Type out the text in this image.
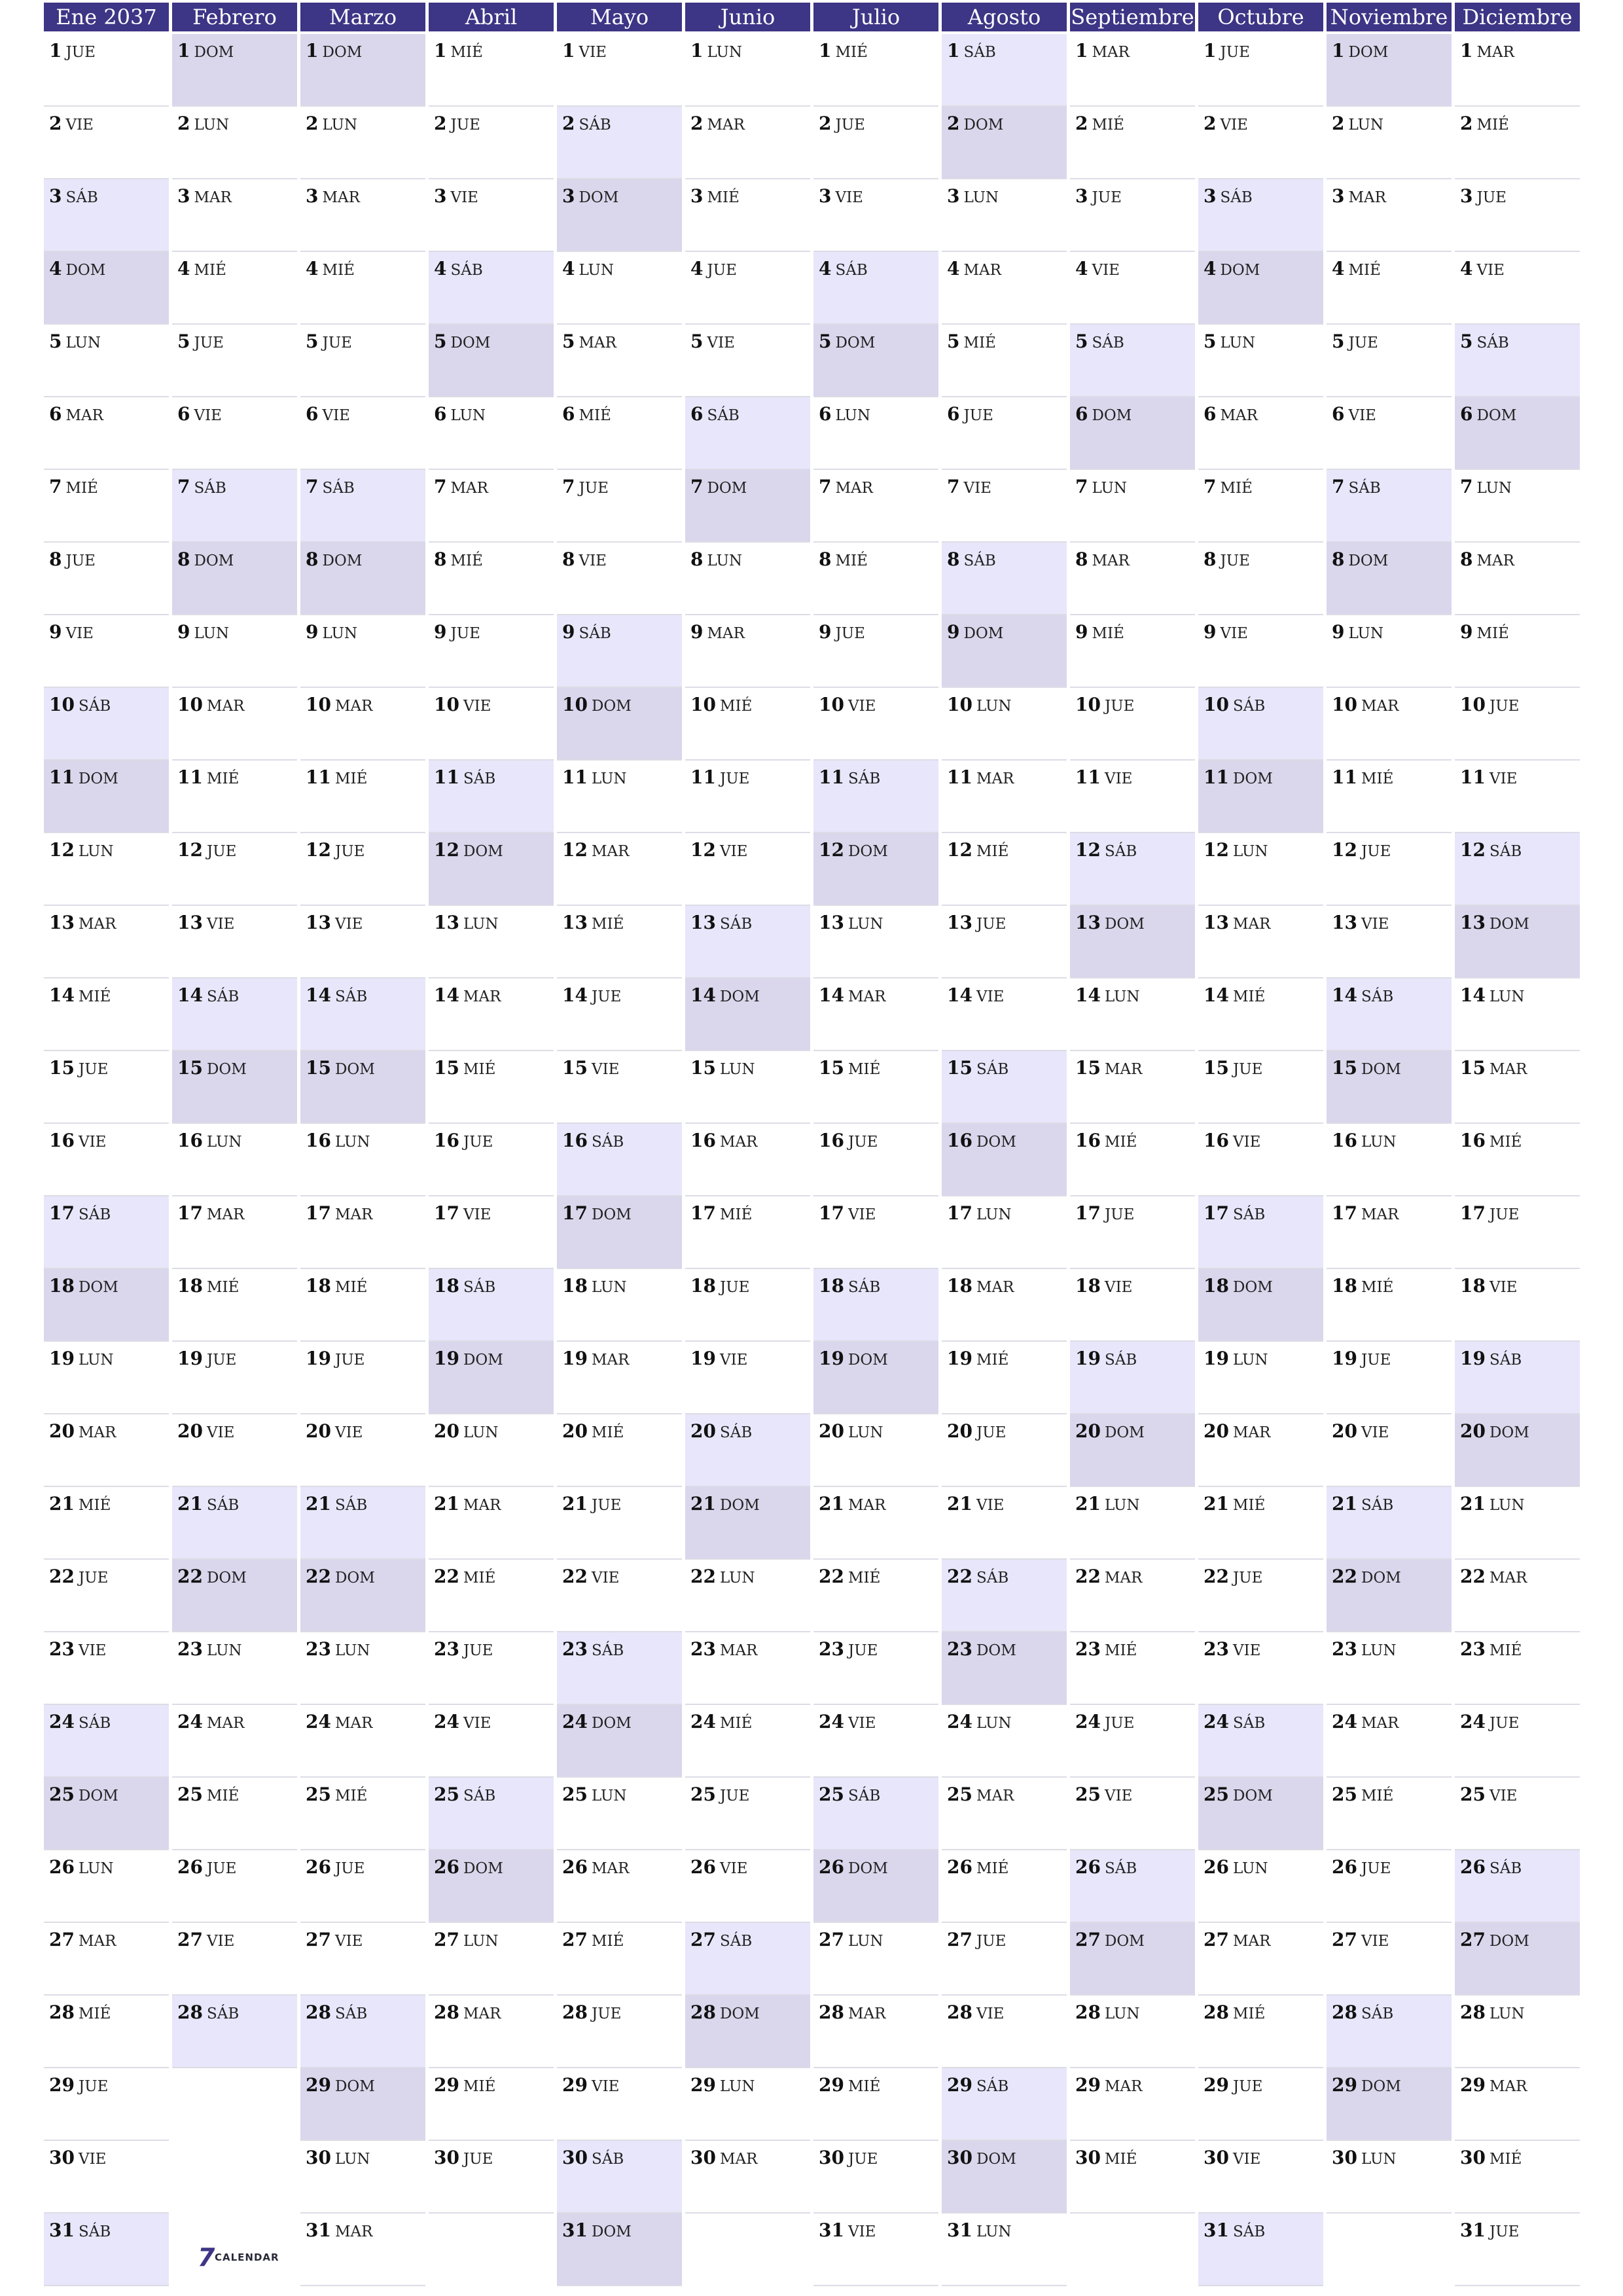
Ene 2037
1 JUE
2 VIE
3 SÁB
4 DOM
5 LUN
6 MAR
7 MIÉ
8 JUE
9 VIE
10 SÁB
11 DOM
12 LUN
13 MAR
14 MIÉ
15 JUE
16 VIE
17 SÁB
18 DOM
19 LUN
20 MAR
21 MIÉ
22 JUE
23 VIE
24 SÁB
25 DOM
26 LUN
27 MAR
28 MIÉ
29 JUE
30 VIE
31 SÁB
Febrero
1 DOM
2 LUN
3 MAR
4 MIÉ
5 JUE
6 VIE
7 SÁB
8 DOM
9 LUN
10 MAR
11 MIÉ
12 JUE
13 VIE
14 SÁB
15 DOM
16 LUN
17 MAR
18 MIÉ
19 JUE
20 VIE
21 SÁB
22 DOM
23 LUN
24 MAR
25 MIÉ
26 JUE
27 VIE
28 SÁB
Marzo
1 DOM
2 LUN
3 MAR
4 MIÉ
5 JUE
6 VIE
7 SÁB
8 DOM
9 LUN
10 MAR
11 MIÉ
12 JUE
13 VIE
14 SÁB
15 DOM
16 LUN
17 MAR
18 MIÉ
19 JUE
20 VIE
21 SÁB
22 DOM
23 LUN
24 MAR
25 MIÉ
26 JUE
27 VIE
28 SÁB
29 DOM
30 LUN
31 MAR
Abril
1 MIÉ
2 JUE
3 VIE
4 SÁB
5 DOM
6 LUN
7 MAR
8 MIÉ
9 JUE
10 VIE
11 SÁB
12 DOM
13 LUN
14 MAR
15 MIÉ
16 JUE
17 VIE
18 SÁB
19 DOM
20 LUN
21 MAR
22 MIÉ
23 JUE
24 VIE
25 SÁB
26 DOM
27 LUN
28 MAR
29 MIÉ
30 JUE
Mayo
1 VIE
2 SÁB
3 DOM
4 LUN
5 MAR
6 MIÉ
7 JUE
8 VIE
9 SÁB
10 DOM
11 LUN
12 MAR
13 MIÉ
14 JUE
15 VIE
16 SÁB
17 DOM
18 LUN
19 MAR
20 MIÉ
21 JUE
22 VIE
23 SÁB
24 DOM
25 LUN
26 MAR
27 MIÉ
28 JUE
29 VIE
30 SÁB
31 DOM
Junio
1 LUN
2 MAR
3 MIÉ
4 JUE
5 VIE
6 SÁB
7 DOM
8 LUN
9 MAR
10 MIÉ
11 JUE
12 VIE
13 SÁB
14 DOM
15 LUN
16 MAR
17 MIÉ
18 JUE
19 VIE
20 SÁB
21 DOM
22 LUN
23 MAR
24 MIÉ
25 JUE
26 VIE
27 SÁB
28 DOM
29 LUN
30 MAR
Julio
1 MIÉ
2 JUE
3 VIE
4 SÁB
5 DOM
6 LUN
7 MAR
8 MIÉ
9 JUE
10 VIE
11 SÁB
12 DOM
13 LUN
14 MAR
15 MIÉ
16 JUE
17 VIE
18 SÁB
19 DOM
20 LUN
21 MAR
22 MIÉ
23 JUE
24 VIE
25 SÁB
26 DOM
27 LUN
28 MAR
29 MIÉ
30 JUE
31 VIE
Agosto
1 SÁB
2 DOM
3 LUN
4 MAR
5 MIÉ
6 JUE
7 VIE
8 SÁB
9 DOM
10 LUN
11 MAR
12 MIÉ
13 JUE
14 VIE
15 SÁB
16 DOM
17 LUN
18 MAR
19 MIÉ
20 JUE
21 VIE
22 SÁB
23 DOM
24 LUN
25 MAR
26 MIÉ
27 JUE
28 VIE
29 SÁB
30 DOM
31 LUN
Septiembre
1 MAR
2 MIÉ
3 JUE
4 VIE
5 SÁB
6 DOM
7 LUN
8 MAR
9 MIÉ
10 JUE
11 VIE
12 SÁB
13 DOM
14 LUN
15 MAR
16 MIÉ
17 JUE
18 VIE
19 SÁB
20 DOM
21 LUN
22 MAR
23 MIÉ
24 JUE
25 VIE
26 SÁB
27 DOM
28 LUN
29 MAR
30 MIÉ
Octubre
1 JUE
2 VIE
3 SÁB
4 DOM
5 LUN
6 MAR
7 MIÉ
8 JUE
9 VIE
10 SÁB
11 DOM
12 LUN
13 MAR
14 MIÉ
15 JUE
16 VIE
17 SÁB
18 DOM
19 LUN
20 MAR
21 MIÉ
22 JUE
23 VIE
24 SÁB
25 DOM
26 LUN
27 MAR
28 MIÉ
29 JUE
30 VIE
31 SÁB
Noviembre
1 DOM
2 LUN
3 MAR
4 MIÉ
5 JUE
6 VIE
7 SÁB
8 DOM
9 LUN
10 MAR
11 MIÉ
12 JUE
13 VIE
14 SÁB
15 DOM
16 LUN
17 MAR
18 MIÉ
19 JUE
20 VIE
21 SÁB
22 DOM
23 LUN
24 MAR
25 MIÉ
26 JUE
27 VIE
28 SÁB
29 DOM
30 LUN
Diciembre
1 MAR
2 MIÉ
3 JUE
4 VIE
5 SÁB
6 DOM
7 LUN
8 MAR
9 MIÉ
10 JUE
11 VIE
12 SÁB
13 DOM
14 LUN
15 MAR
16 MIÉ
17 JUE
18 VIE
19 SÁB
20 DOM
21 LUN
22 MAR
23 MIÉ
24 JUE
25 VIE
26 SÁB
27 DOM
28 LUN
29 MAR
30 MIÉ
31 JUE
7 CALENDAR
